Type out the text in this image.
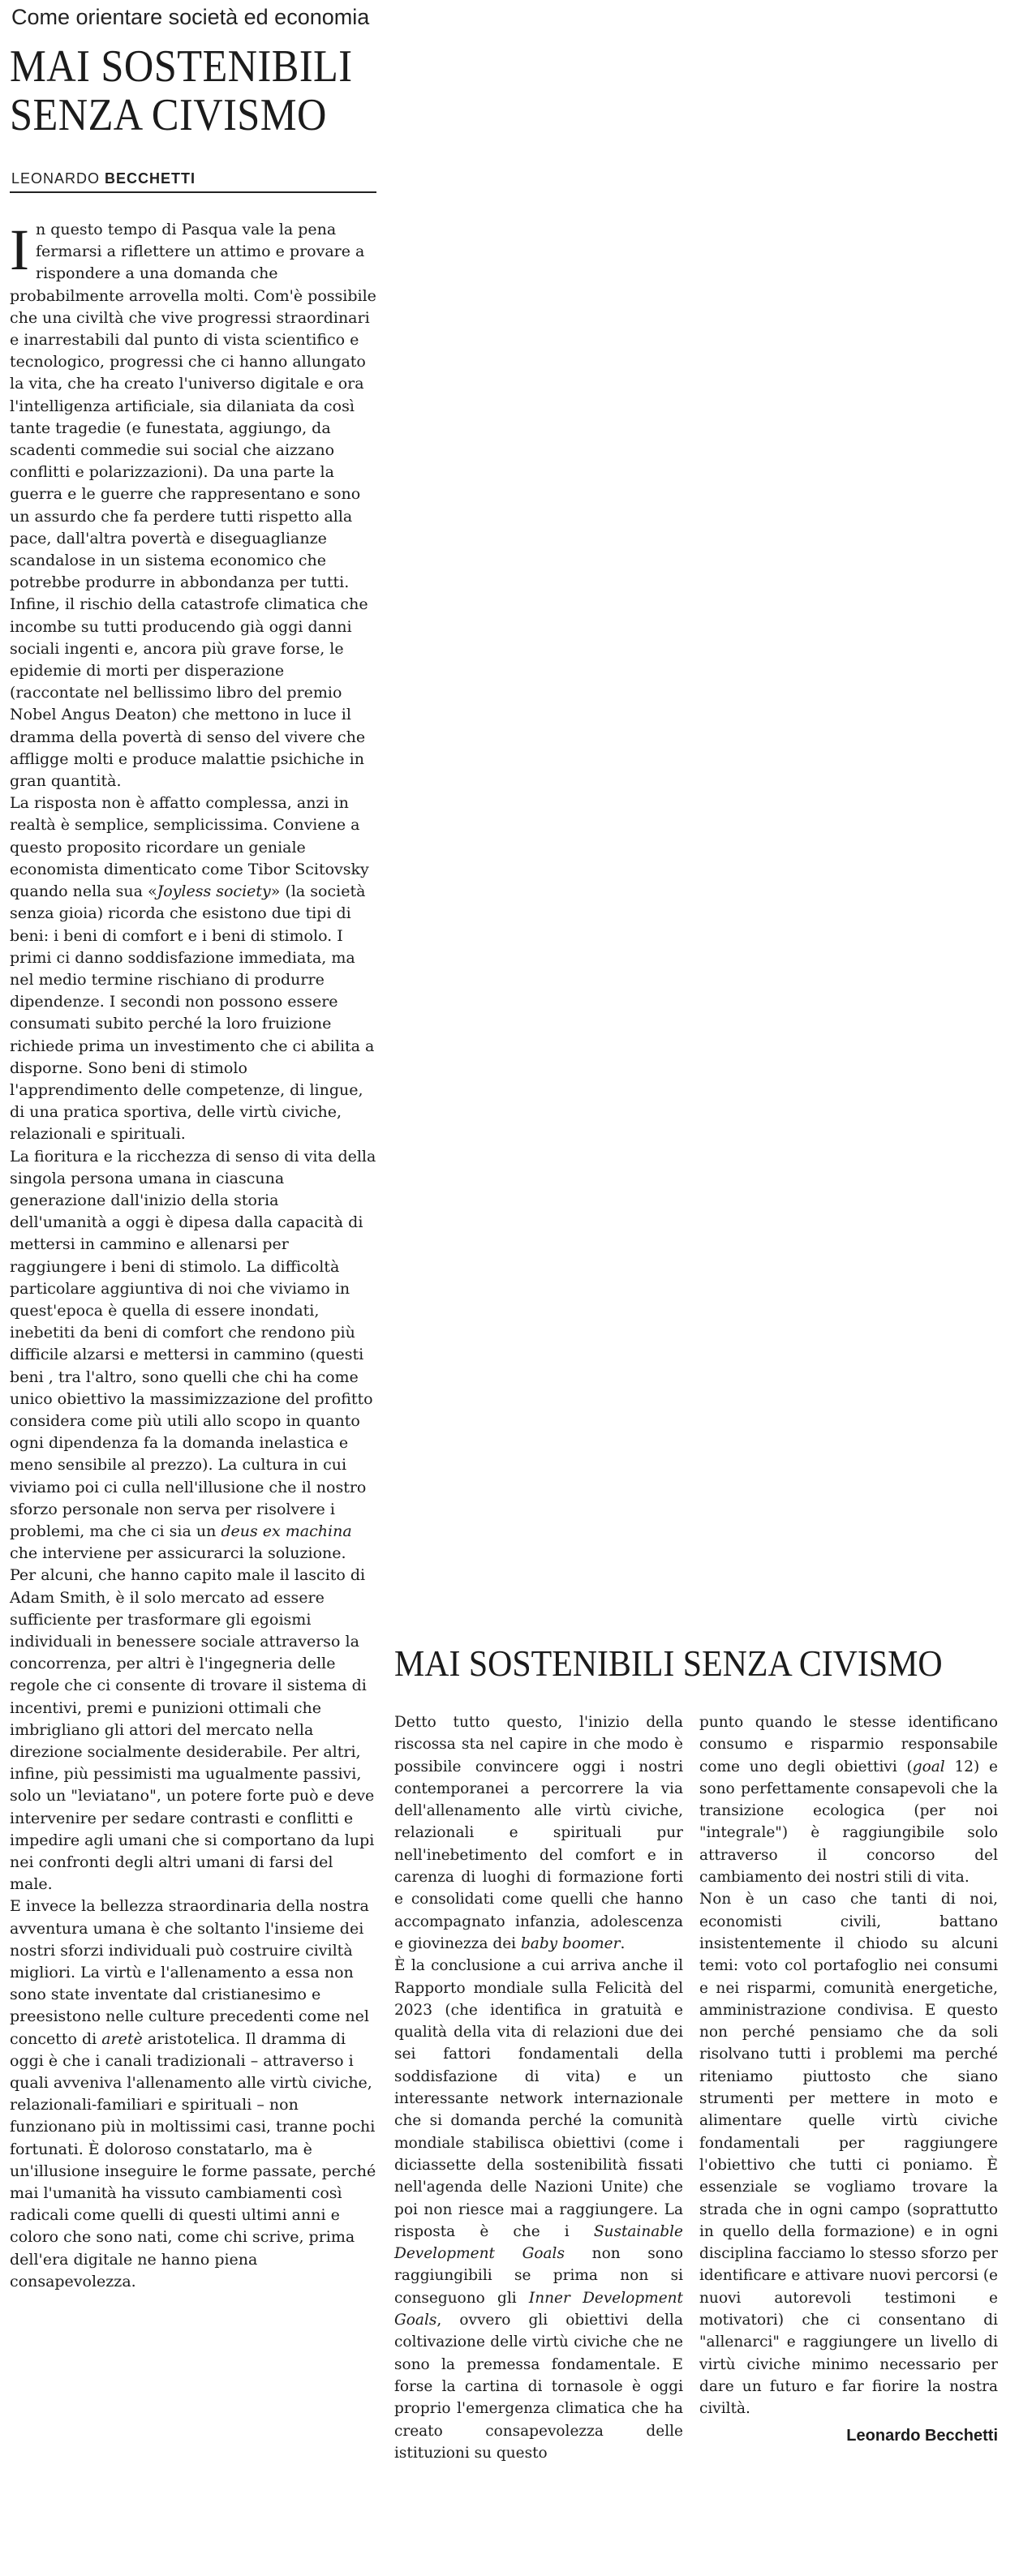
Come orientare società ed economia
MAI SOSTENIBILI
SENZA CIVISMO
LEONARDO BECCHETTI

In questo tempo di Pasqua vale la pena fermarsi a riflettere un attimo e provare a rispondere a una domanda che probabilmente arrovella molti. Com'è possibile che una civiltà che vive progressi straordinari e inarrestabili dal punto di vista scientifico e tecnologico, progressi che ci hanno allungato la vita, che ha creato l'universo digitale e ora l'intelligenza artificiale, sia dilaniata da così tante tragedie (e funestata, aggiungo, da scadenti commedie sui social che aizzano conflitti e polarizzazioni). Da una parte la guerra e le guerre che rappresentano e sono un assurdo che fa perdere tutti rispetto alla pace, dall'altra povertà e diseguaglianze scandalose in un sistema economico che potrebbe produrre in abbondanza per tutti. Infine, il rischio della catastrofe climatica che incombe su tutti producendo già oggi danni sociali ingenti e, ancora più grave forse, le epidemie di morti per disperazione (raccontate nel bellissimo libro del premio Nobel Angus Deaton) che mettono in luce il dramma della povertà di senso del vivere che affligge molti e produce malattie psichiche in gran quantità.

La risposta non è affatto complessa, anzi in realtà è semplice, semplicissima. Conviene a questo proposito ricordare un geniale economista dimenticato come Tibor Scitovsky quando nella sua «Joyless society» (la società senza gioia) ricorda che esistono due tipi di beni: i beni di comfort e i beni di stimolo. I primi ci danno soddisfazione immediata, ma nel medio termine rischiano di produrre dipendenze. I secondi non possono essere consumati subito perché la loro fruizione richiede prima un investimento che ci abilita a disporne. Sono beni di stimolo l'apprendimento delle competenze, di lingue, di una pratica sportiva, delle virtù civiche, relazionali e spirituali.

La fioritura e la ricchezza di senso di vita della singola persona umana in ciascuna generazione dall'inizio della storia dell'umanità a oggi è dipesa dalla capacità di mettersi in cammino e allenarsi per raggiungere i beni di stimolo. La difficoltà particolare aggiuntiva di noi che viviamo in quest'epoca è quella di essere inondati, inebetiti da beni di comfort che rendono più difficile alzarsi e mettersi in cammino (questi beni , tra l'altro, sono quelli che chi ha come unico obiettivo la massimizzazione del profitto considera come più utili allo scopo in quanto ogni dipendenza fa la domanda inelastica e meno sensibile al prezzo). La cultura in cui viviamo poi ci culla nell'illusione che il nostro sforzo personale non serva per risolvere i problemi, ma che ci sia un deus ex machina che interviene per assicurarci la soluzione. Per alcuni, che hanno capito male il lascito di Adam Smith, è il solo mercato ad essere sufficiente per trasformare gli egoismi individuali in benessere sociale attraverso la concorrenza, per altri è l'ingegneria delle regole che ci consente di trovare il sistema di incentivi, premi e punizioni ottimali che imbrigliano gli attori del mercato nella direzione socialmente desiderabile. Per altri, infine, più pessimisti ma ugualmente passivi, solo un "leviatano", un potere forte può e deve intervenire per sedare contrasti e conflitti e impedire agli umani che si comportano da lupi nei confronti degli altri umani di farsi del male.

E invece la bellezza straordinaria della nostra avventura umana è che soltanto l'insieme dei nostri sforzi individuali può costruire civiltà migliori. La virtù e l'allenamento a essa non sono state inventate dal cristianesimo e preesistono nelle culture precedenti come nel concetto di aretè aristotelica. Il dramma di oggi è che i canali tradizionali – attraverso i quali avveniva l'allenamento alle virtù civiche, relazionali-familiari e spirituali – non funzionano più in moltissimi casi, tranne pochi fortunati. È doloroso constatarlo, ma è un'illusione inseguire le forme passate, perché mai l'umanità ha vissuto cambiamenti così radicali come quelli di questi ultimi anni e coloro che sono nati, come chi scrive, prima dell'era digitale ne hanno piena consapevolezza.

MAI SOSTENIBILI SENZA CIVISMO

Detto tutto questo, l'inizio della riscossa sta nel capire in che modo è possibile convincere oggi i nostri contemporanei a percorrere la via dell'allenamento alle virtù civiche, relazionali e spirituali pur nell'inebetimento del comfort e in carenza di luoghi di formazione forti e consolidati come quelli che hanno accompagnato infanzia, adolescenza e giovinezza dei baby boomer.

È la conclusione a cui arriva anche il Rapporto mondiale sulla Felicità del 2023 (che identifica in gratuità e qualità della vita di relazioni due dei sei fattori fondamentali della soddisfazione di vita) e un interessante network internazionale che si domanda perché la comunità mondiale stabilisca obiettivi (come i diciassette della sostenibilità fissati nell'agenda delle Nazioni Unite) che poi non riesce mai a raggiungere. La risposta è che i Sustainable Development Goals non sono raggiungibili se prima non si conseguono gli Inner Development Goals, ovvero gli obiettivi della coltivazione delle virtù civiche che ne sono la premessa fondamentale. E forse la cartina di tornasole è oggi proprio l'emergenza climatica che ha creato consapevolezza delle istituzioni su questo

punto quando le stesse identificano consumo e risparmio responsabile come uno degli obiettivi (goal 12) e sono perfettamente consapevoli che la transizione ecologica (per noi "integrale") è raggiungibile solo attraverso il concorso del cambiamento dei nostri stili di vita.

Non è un caso che tanti di noi, economisti civili, battano insistentemente il chiodo su alcuni temi: voto col portafoglio nei consumi e nei risparmi, comunità energetiche, amministrazione condivisa. E questo non perché pensiamo che da soli risolvano tutti i problemi ma perché riteniamo piuttosto che siano strumenti per mettere in moto e alimentare quelle virtù civiche fondamentali per raggiungere l'obiettivo che tutti ci poniamo. È essenziale se vogliamo trovare la strada che in ogni campo (soprattutto in quello della formazione) e in ogni disciplina facciamo lo stesso sforzo per identificare e attivare nuovi percorsi (e nuovi autorevoli testimoni e motivatori) che ci consentano di "allenarci" e raggiungere un livello di virtù civiche minimo necessario per dare un futuro e far fiorire la nostra civiltà.

Leonardo Becchetti
